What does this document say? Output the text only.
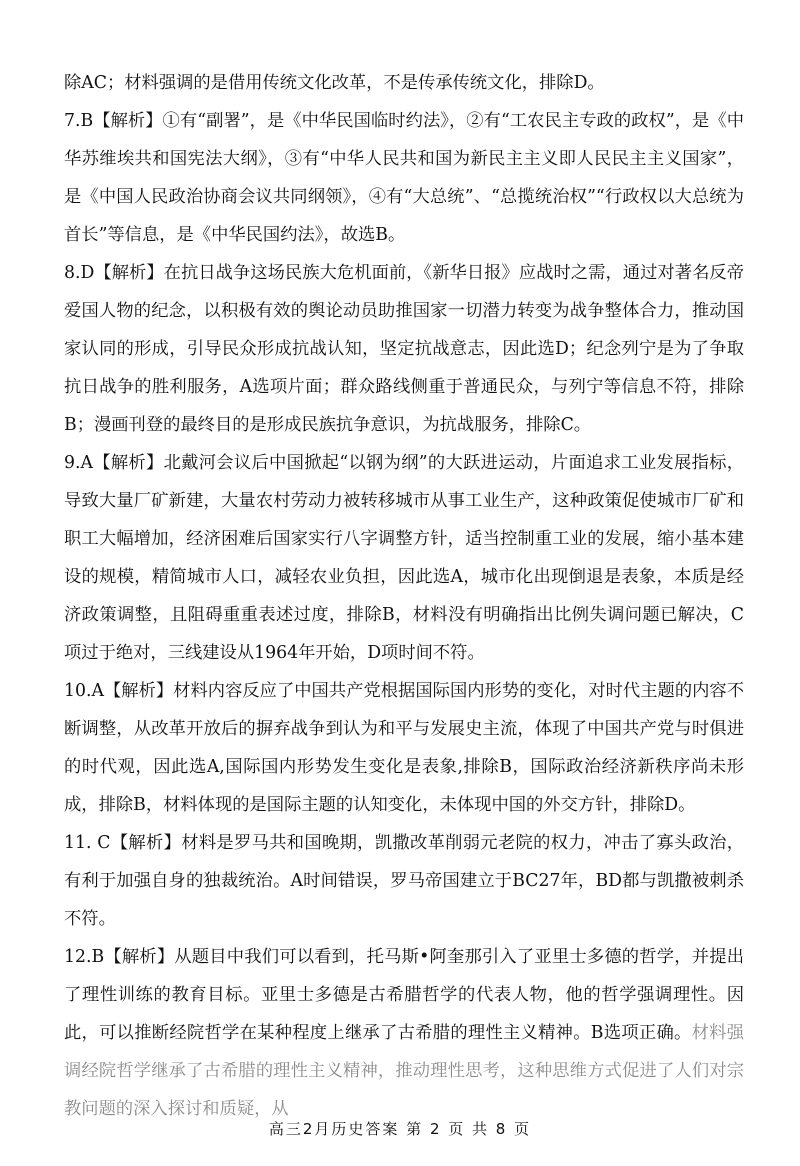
除AC；材料强调的是借用传统文化改革，不是传承传统文化，排除D。

7.B【解析】①有“副署”，是《中华民国临时约法》，②有“工农民主专政的政权”，是《中华苏维埃共和国宪法大纲》，③有“中华人民共和国为新民主主义即人民民主主义国家”，是《中国人民政治协商会议共同纲领》，④有“大总统”、“总揽统治权”“行政权以大总统为首长”等信息，是《中华民国约法》，故选B。

8.D【解析】在抗日战争这场民族大危机面前，《新华日报》应战时之需，通过对著名反帝爱国人物的纪念，以积极有效的舆论动员助推国家一切潜力转变为战争整体合力，推动国家认同的形成，引导民众形成抗战认知，坚定抗战意志，因此选D；纪念列宁是为了争取抗日战争的胜利服务，A选项片面；群众路线侧重于普通民众，与列宁等信息不符，排除B；漫画刊登的最终目的是形成民族抗争意识，为抗战服务，排除C。

9.A【解析】北戴河会议后中国掀起“以钢为纲”的大跃进运动，片面追求工业发展指标，导致大量厂矿新建，大量农村劳动力被转移城市从事工业生产，这种政策促使城市厂矿和职工大幅增加，经济困难后国家实行八字调整方针，适当控制重工业的发展，缩小基本建设的规模，精简城市人口，减轻农业负担，因此选A，城市化出现倒退是表象，本质是经济政策调整，且阻碍重重表述过度，排除B，材料没有明确指出比例失调问题已解决，C项过于绝对，三线建设从1964年开始，D项时间不符。

10.A【解析】材料内容反应了中国共产党根据国际国内形势的变化，对时代主题的内容不断调整，从改革开放后的摒弃战争到认为和平与发展史主流，体现了中国共产党与时俱进的时代观，因此选A,国际国内形势发生变化是表象,排除B，国际政治经济新秩序尚未形成，排除B，材料体现的是国际主题的认知变化，未体现中国的外交方针，排除D。

11. C【解析】材料是罗马共和国晚期，凯撒改革削弱元老院的权力，冲击了寡头政治，有利于加强自身的独裁统治。A时间错误，罗马帝国建立于BC27年，BD都与凯撒被刺杀不符。

12.B【解析】从题目中我们可以看到，托马斯•阿奎那引入了亚里士多德的哲学，并提出了理性训练的教育目标。亚里士多德是古希腊哲学的代表人物，他的哲学强调理性。因此，可以推断经院哲学在某种程度上继承了古希腊的理性主义精神。B选项正确。材料强调经院哲学继承了古希腊的理性主义精神，推动理性思考，这种思维方式促进了人们对宗教问题的深入探讨和质疑，从

高三2月历史答案 第 2 页 共 8 页
